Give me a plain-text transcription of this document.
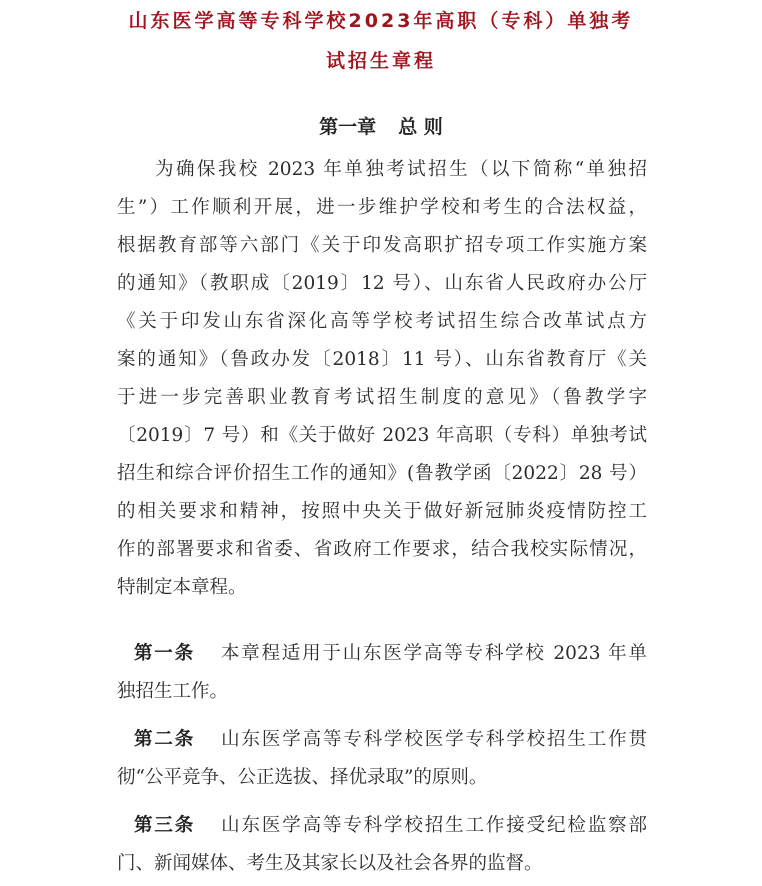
山东医学高等专科学校2023年高职（专科）单独考
试招生章程
第一章 总 则
为确保我校 2023 年单独考试招生（以下简称“单独招
生”）工作顺利开展，进一步维护学校和考生的合法权益，
根据教育部等六部门《关于印发高职扩招专项工作实施方案
的通知》（教职成〔2019〕12 号）、山东省人民政府办公厅
《关于印发山东省深化高等学校考试招生综合改革试点方
案的通知》（鲁政办发〔2018〕11 号）、山东省教育厅《关
于进一步完善职业教育考试招生制度的意见》（鲁教学字
〔2019〕7 号）和《关于做好 2023 年高职（专科）单独考试
招生和综合评价招生工作的通知》(鲁教学函〔2022〕28 号）
的相关要求和精神，按照中央关于做好新冠肺炎疫情防控工
作的部署要求和省委、省政府工作要求，结合我校实际情况，
特制定本章程。
第一条 本章程适用于山东医学高等专科学校 2023 年单
独招生工作。
第二条 山东医学高等专科学校医学专科学校招生工作贯
彻“公平竞争、公正选拔、择优录取”的原则。
第三条 山东医学高等专科学校招生工作接受纪检监察部
门、新闻媒体、考生及其家长以及社会各界的监督。
